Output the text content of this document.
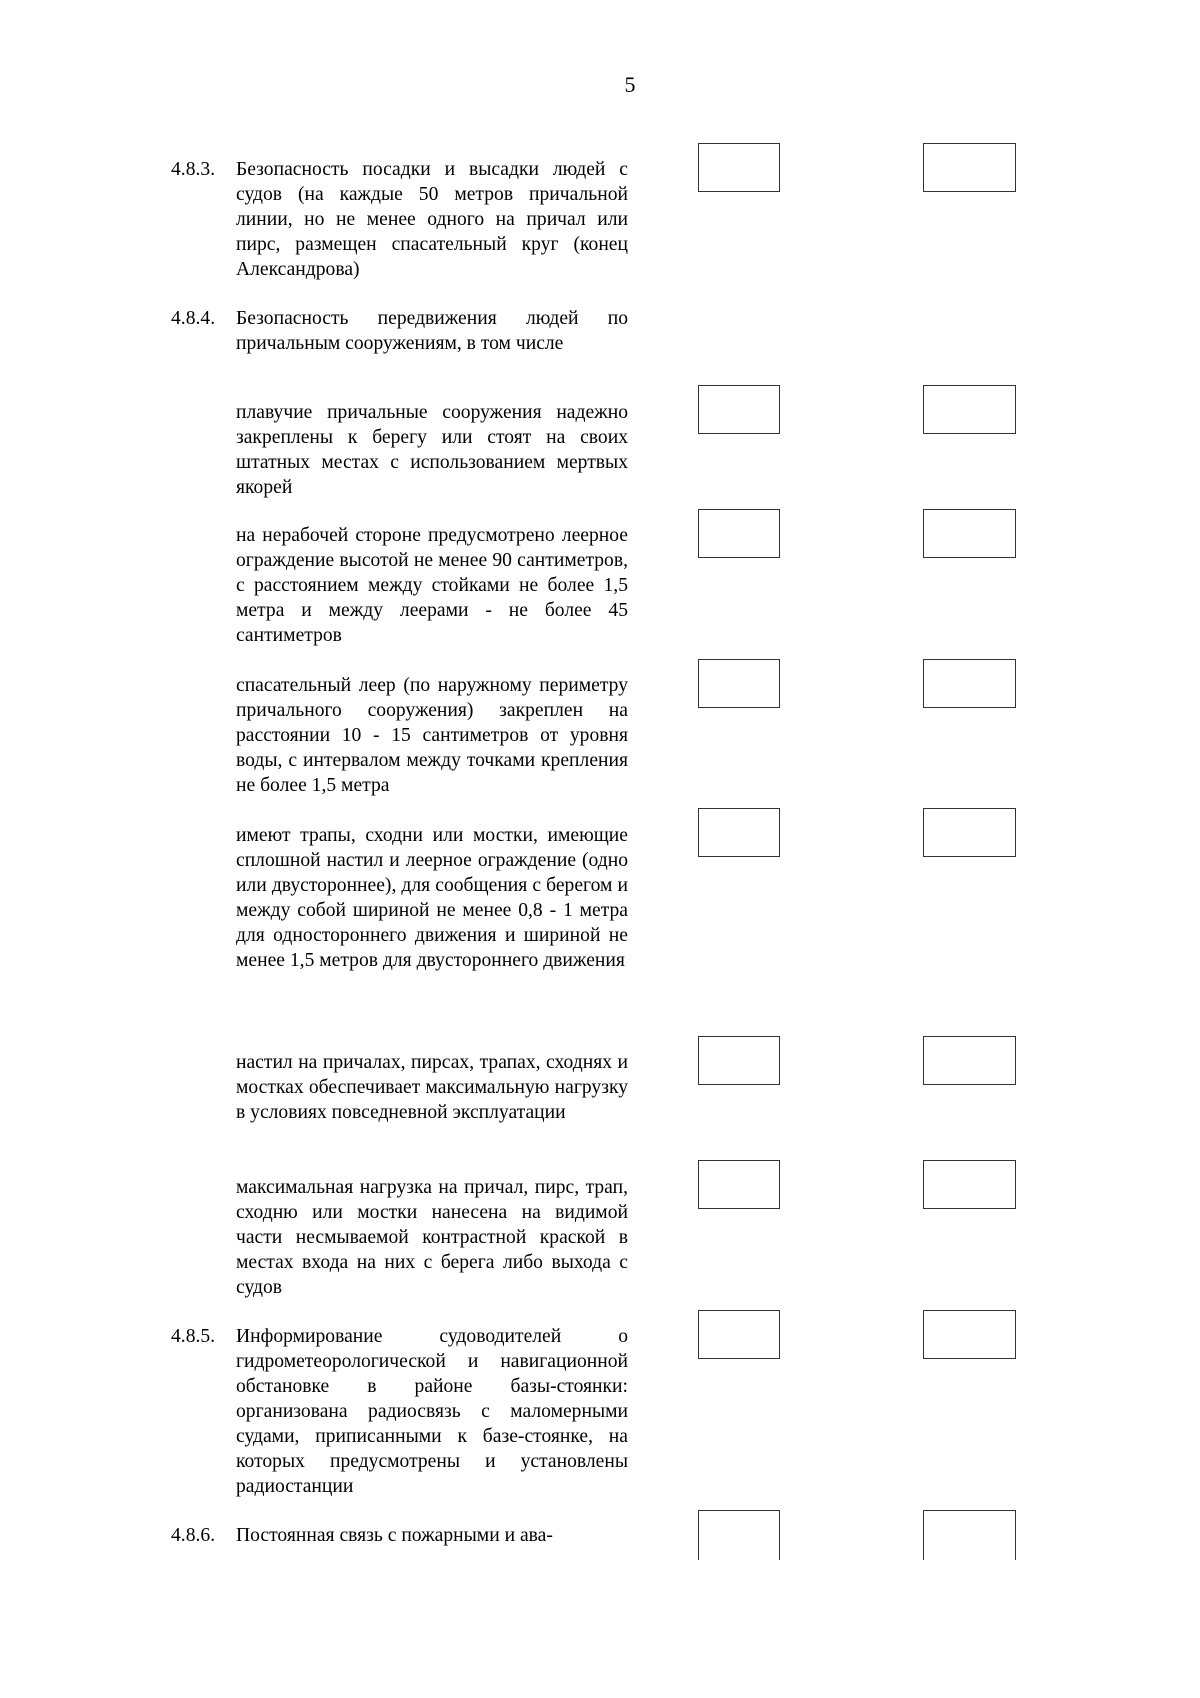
5
4.8.3.	Безопасность посадки и высадки людей с судов (на каждые 50 метров причальной линии, но не менее одного на причал или пирс, размещен спасательный круг (конец Александрова)
4.8.4.	Безопасность передвижения людей по причальным сооружениям, в том числе
плавучие причальные сооружения надежно закреплены к берегу или стоят на своих штатных местах с использованием мертвых якорей
на нерабочей стороне предусмотрено леерное ограждение высотой не менее 90 сантиметров, с расстоянием между стойками не более 1,5 метра и между леерами - не более 45 сантиметров
спасательный леер (по наружному периметру причального сооружения) закреплен на расстоянии 10 - 15 сантиметров от уровня воды, с интервалом между точками крепления не более 1,5 метра
имеют трапы, сходни или мостки, имеющие сплошной настил и леерное ограждение (одно или двустороннее), для сообщения с берегом и между собой шириной не менее 0,8 - 1 метра для одностороннего движения и шириной не менее 1,5 метров для двустороннего движения
настил на причалах, пирсах, трапах, сходнях и мостках обеспечивает максимальную нагрузку в условиях повседневной эксплуатации
максимальная нагрузка на причал, пирс, трап, сходню или мостки нанесена на видимой части несмываемой контрастной краской в местах входа на них с берега либо выхода с судов
4.8.5.	Информирование судоводителей о гидрометеорологической и навигационной обстановке в районе базы-стоянки: организована радиосвязь с маломерными судами, приписанными к базе-стоянке, на которых предусмотрены и установлены радиостанции
4.8.6.	Постоянная связь с пожарными и ава-
